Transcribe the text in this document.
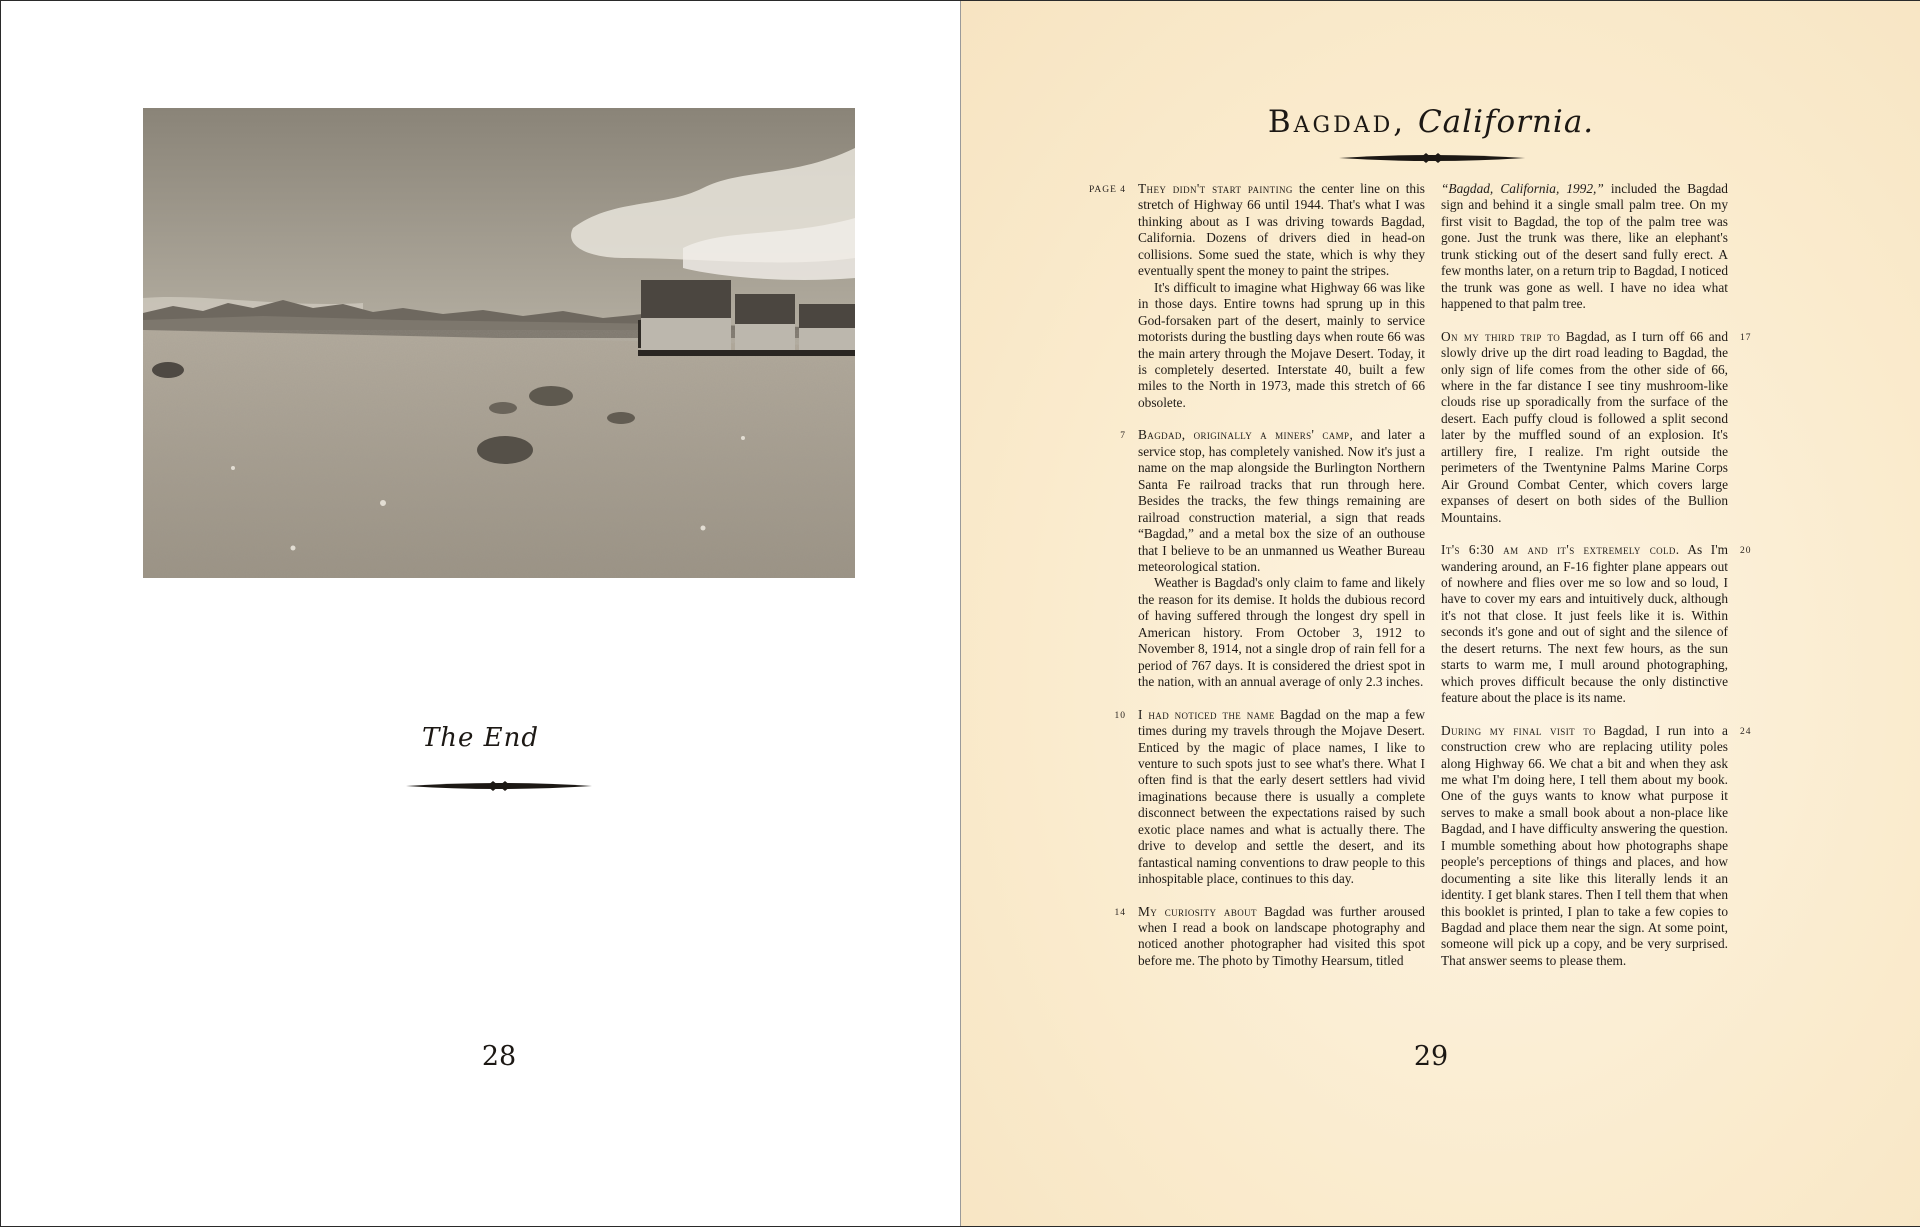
The End
28
Bagdad, California.
PAGE 4 They didn't start painting the center line on this stretch of Highway 66 until 1944. That's what I was thinking about as I was driving towards Bagdad, California. Dozens of drivers died in head-on collisions. Some sued the state, which is why they eventually spent the money to paint the stripes.

It's difficult to imagine what Highway 66 was like in those days. Entire towns had sprung up in this God-forsaken part of the desert, mainly to service motorists during the bustling days when route 66 was the main artery through the Mojave Desert. Today, it is completely deserted. Interstate 40, built a few miles to the North in 1973, made this stretch of 66 obsolete.

7 Bagdad, originally a miners' camp, and later a service stop, has completely vanished. Now it's just a name on the map alongside the Burlington Northern Santa Fe railroad tracks that run through here. Besides the tracks, the few things remaining are railroad construction material, a sign that reads “Bagdad,” and a metal box the size of an outhouse that I believe to be an unmanned us Weather Bureau meteorological station.

Weather is Bagdad's only claim to fame and likely the reason for its demise. It holds the dubious record of having suffered through the longest dry spell in American history. From October 3, 1912 to November 8, 1914, not a single drop of rain fell for a period of 767 days. It is considered the driest spot in the nation, with an annual average of only 2.3 inches.

10 I had noticed the name Bagdad on the map a few times during my travels through the Mojave Desert. Enticed by the magic of place names, I like to venture to such spots just to see what's there. What I often find is that the early desert settlers had vivid imaginations because there is usually a complete disconnect between the expectations raised by such exotic place names and what is actually there. The drive to develop and settle the desert, and its fantastical naming conventions to draw people to this inhospitable place, continues to this day.

14 My curiosity about Bagdad was further aroused when I read a book on landscape photography and noticed another photographer had visited this spot before me. The photo by Timothy Hearsum, titled

“Bagdad, California, 1992,” included the Bagdad sign and behind it a single small palm tree. On my first visit to Bagdad, the top of the palm tree was gone. Just the trunk was there, like an elephant's trunk sticking out of the desert sand fully erect. A few months later, on a return trip to Bagdad, I noticed the trunk was gone as well. I have no idea what happened to that palm tree.

17

On my third trip to Bagdad, as I turn off 66 and slowly drive up the dirt road leading to Bagdad, the only sign of life comes from the other side of 66, where in the far distance I see tiny mushroom-like clouds rise up sporadically from the surface of the desert. Each puffy cloud is followed a split second later by the muffled sound of an explosion. It's artillery fire, I realize. I'm right outside the perimeters of the Twentynine Palms Marine Corps Air Ground Combat Center, which covers large expanses of desert on both sides of the Bullion Mountains.

20

It's 6:30 am and it's extremely cold. As I'm wandering around, an F-16 fighter plane appears out of nowhere and flies over me so low and so loud, I have to cover my ears and intuitively duck, although it's not that close. It just feels like it is. Within seconds it's gone and out of sight and the silence of the desert returns. The next few hours, as the sun starts to warm me, I mull around photographing, which proves difficult because the only distinctive feature about the place is its name.

24

During my final visit to Bagdad, I run into a construction crew who are replacing utility poles along Highway 66. We chat a bit and when they ask me what I'm doing here, I tell them about my book. One of the guys wants to know what purpose it serves to make a small book about a non-place like Bagdad, and I have difficulty answering the question. I mumble something about how photographs shape people's perceptions of things and places, and how documenting a site like this literally lends it an identity. I get blank stares. Then I tell them that when this booklet is printed, I plan to take a few copies to Bagdad and place them near the sign. At some point, someone will pick up a copy, and be very surprised. That answer seems to please them.

29
